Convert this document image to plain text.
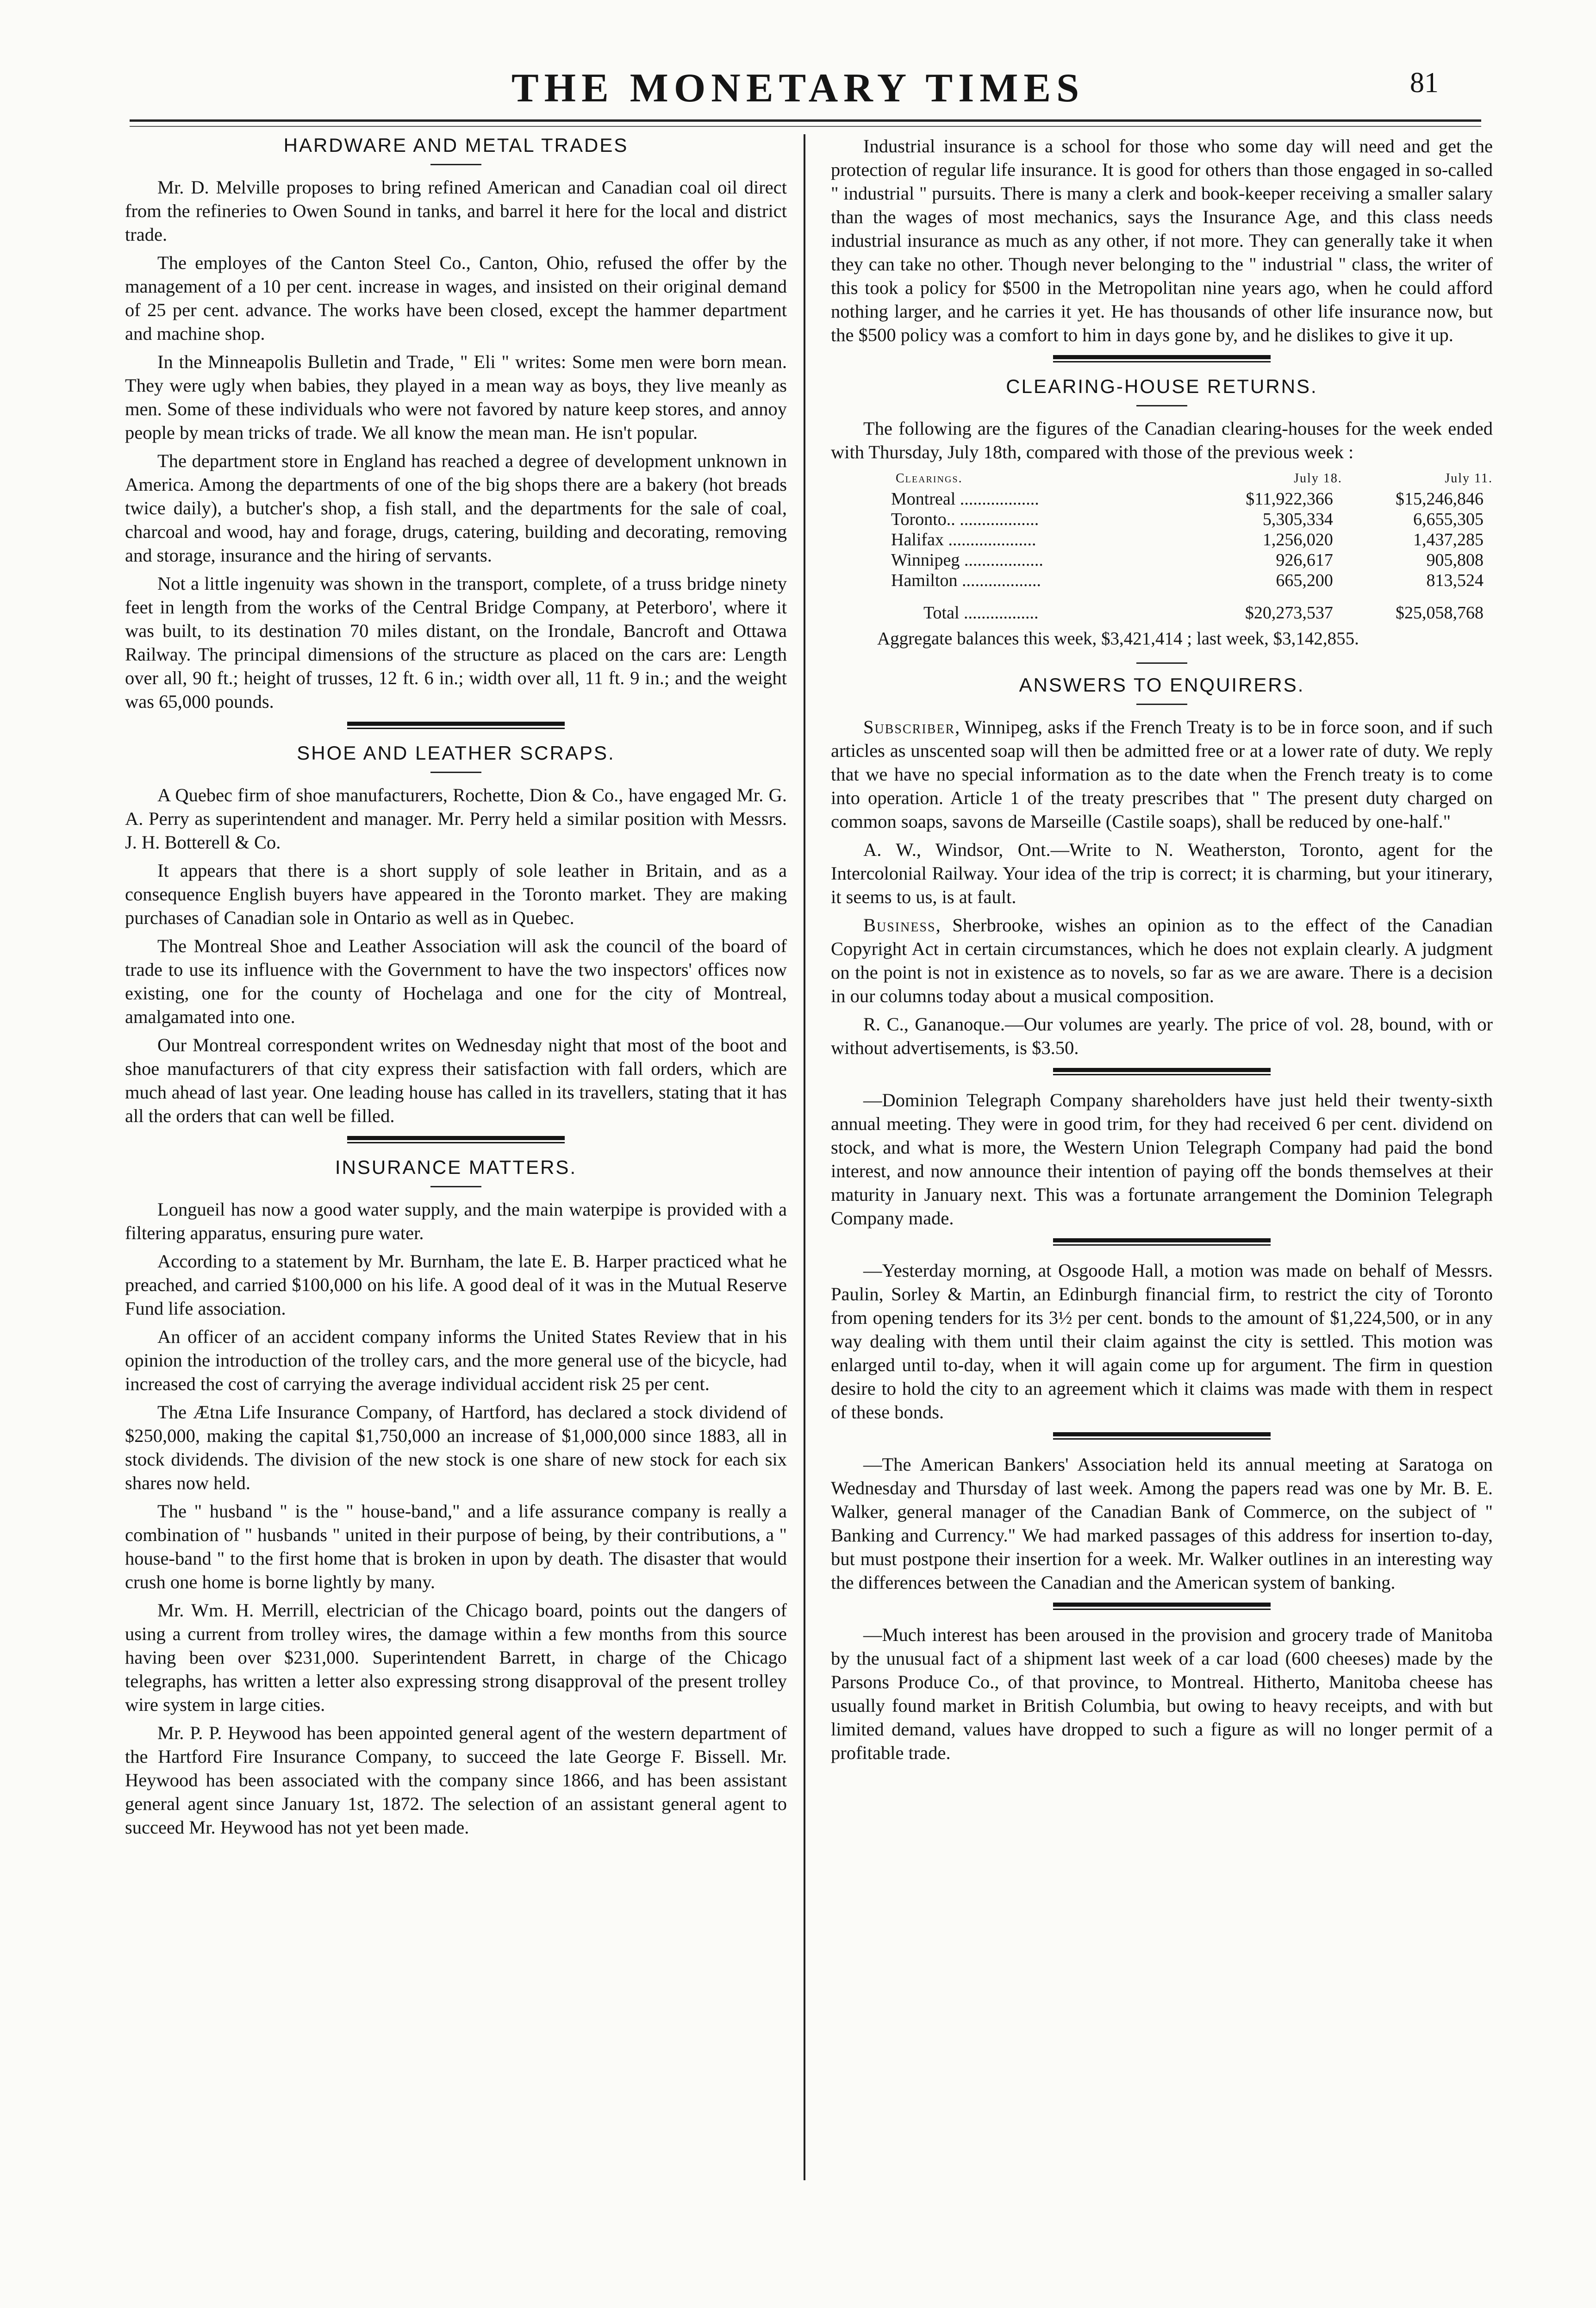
THE MONETARY TIMES	81
HARDWARE AND METAL TRADES

Mr. D. Melville proposes to bring refined American and Canadian coal oil direct from the refineries to Owen Sound in tanks, and barrel it here for the local and district trade.

The employes of the Canton Steel Co., Canton, Ohio, refused the offer by the management of a 10 per cent. increase in wages, and insisted on their original demand of 25 per cent. advance. The works have been closed, except the hammer department and machine shop.

In the Minneapolis Bulletin and Trade, " Eli " writes: Some men were born mean. They were ugly when babies, they played in a mean way as boys, they live meanly as men. Some of these individuals who were not favored by nature keep stores, and annoy people by mean tricks of trade. We all know the mean man. He isn't popular.

The department store in England has reached a degree of development unknown in America. Among the departments of one of the big shops there are a bakery (hot breads twice daily), a butcher's shop, a fish stall, and the departments for the sale of coal, charcoal and wood, hay and forage, drugs, catering, building and decorating, removing and storage, insurance and the hiring of servants.

Not a little ingenuity was shown in the transport, complete, of a truss bridge ninety feet in length from the works of the Central Bridge Company, at Peterboro', where it was built, to its destination 70 miles distant, on the Irondale, Bancroft and Ottawa Railway. The principal dimensions of the structure as placed on the cars are: Length over all, 90 ft.; height of trusses, 12 ft. 6 in.; width over all, 11 ft. 9 in.; and the weight was 65,000 pounds.

SHOE AND LEATHER SCRAPS.

A Quebec firm of shoe manufacturers, Rochette, Dion & Co., have engaged Mr. G. A. Perry as superintendent and manager. Mr. Perry held a similar position with Messrs. J. H. Botterell & Co.

It appears that there is a short supply of sole leather in Britain, and as a consequence English buyers have appeared in the Toronto market. They are making purchases of Canadian sole in Ontario as well as in Quebec.

The Montreal Shoe and Leather Association will ask the council of the board of trade to use its influence with the Government to have the two inspectors' offices now existing, one for the county of Hochelaga and one for the city of Montreal, amalgamated into one.

Our Montreal correspondent writes on Wednesday night that most of the boot and shoe manufacturers of that city express their satisfaction with fall orders, which are much ahead of last year. One leading house has called in its travellers, stating that it has all the orders that can well be filled.

INSURANCE MATTERS.

Longueil has now a good water supply, and the main waterpipe is provided with a filtering apparatus, ensuring pure water.

According to a statement by Mr. Burnham, the late E. B. Harper practiced what he preached, and carried $100,000 on his life. A good deal of it was in the Mutual Reserve Fund life association.

An officer of an accident company informs the United States Review that in his opinion the introduction of the trolley cars, and the more general use of the bicycle, had increased the cost of carrying the average individual accident risk 25 per cent.

The Ætna Life Insurance Company, of Hartford, has declared a stock dividend of $250,000, making the capital $1,750,000 an increase of $1,000,000 since 1883, all in stock dividends. The division of the new stock is one share of new stock for each six shares now held.

The " husband " is the " house-band," and a life assurance company is really a combination of " husbands " united in their purpose of being, by their contributions, a " house-band " to the first home that is broken in upon by death. The disaster that would crush one home is borne lightly by many.

Mr. Wm. H. Merrill, electrician of the Chicago board, points out the dangers of using a current from trolley wires, the damage within a few months from this source having been over $231,000. Superintendent Barrett, in charge of the Chicago telegraphs, has written a letter also expressing strong disapproval of the present trolley wire system in large cities.

Mr. P. P. Heywood has been appointed general agent of the western department of the Hartford Fire Insurance Company, to succeed the late George F. Bissell. Mr. Heywood has been associated with the company since 1866, and has been assistant general agent since January 1st, 1872. The selection of an assistant general agent to succeed Mr. Heywood has not yet been made.

Industrial insurance is a school for those who some day will need and get the protection of regular life insurance. It is good for others than those engaged in so-called " industrial " pursuits. There is many a clerk and book-keeper receiving a smaller salary than the wages of most mechanics, says the Insurance Age, and this class needs industrial insurance as much as any other, if not more. They can generally take it when they can take no other. Though never belonging to the " industrial " class, the writer of this took a policy for $500 in the Metropolitan nine years ago, when he could afford nothing larger, and he carries it yet. He has thousands of other life insurance now, but the $500 policy was a comfort to him in days gone by, and he dislikes to give it up.

CLEARING-HOUSE RETURNS.

The following are the figures of the Canadian clearing-houses for the week ended with Thursday, July 18th, compared with those of the previous week :

Clearings.	July 18.	July 11.
Montreal ..................	$11,922,366	$15,246,846
Toronto.. ..................	5,305,334	6,655,305
Halifax ....................	1,256,020	1,437,285
Winnipeg ..................	926,617	905,808
Hamilton ..................	665,200	813,524
Total .................	$20,273,537	$25,058,768

Aggregate balances this week, $3,421,414 ; last week, $3,142,855.

ANSWERS TO ENQUIRERS.

Subscriber, Winnipeg, asks if the French Treaty is to be in force soon, and if such articles as unscented soap will then be admitted free or at a lower rate of duty. We reply that we have no special information as to the date when the French treaty is to come into operation. Article 1 of the treaty prescribes that " The present duty charged on common soaps, savons de Marseille (Castile soaps), shall be reduced by one-half."

A. W., Windsor, Ont.—Write to N. Weatherston, Toronto, agent for the Intercolonial Railway. Your idea of the trip is correct; it is charming, but your itinerary, it seems to us, is at fault.

Business, Sherbrooke, wishes an opinion as to the effect of the Canadian Copyright Act in certain circumstances, which he does not explain clearly. A judgment on the point is not in existence as to novels, so far as we are aware. There is a decision in our columns today about a musical composition.

R. C., Gananoque.—Our volumes are yearly. The price of vol. 28, bound, with or without advertisements, is $3.50.

—Dominion Telegraph Company shareholders have just held their twenty-sixth annual meeting. They were in good trim, for they had received 6 per cent. dividend on stock, and what is more, the Western Union Telegraph Company had paid the bond interest, and now announce their intention of paying off the bonds themselves at their maturity in January next. This was a fortunate arrangement the Dominion Telegraph Company made.

—Yesterday morning, at Osgoode Hall, a motion was made on behalf of Messrs. Paulin, Sorley & Martin, an Edinburgh financial firm, to restrict the city of Toronto from opening tenders for its 3½ per cent. bonds to the amount of $1,224,500, or in any way dealing with them until their claim against the city is settled. This motion was enlarged until to-day, when it will again come up for argument. The firm in question desire to hold the city to an agreement which it claims was made with them in respect of these bonds.

—The American Bankers' Association held its annual meeting at Saratoga on Wednesday and Thursday of last week. Among the papers read was one by Mr. B. E. Walker, general manager of the Canadian Bank of Commerce, on the subject of " Banking and Currency." We had marked passages of this address for insertion to-day, but must postpone their insertion for a week. Mr. Walker outlines in an interesting way the differences between the Canadian and the American system of banking.

—Much interest has been aroused in the provision and grocery trade of Manitoba by the unusual fact of a shipment last week of a car load (600 cheeses) made by the Parsons Produce Co., of that province, to Montreal. Hitherto, Manitoba cheese has usually found market in British Columbia, but owing to heavy receipts, and with but limited demand, values have dropped to such a figure as will no longer permit of a profitable trade.
